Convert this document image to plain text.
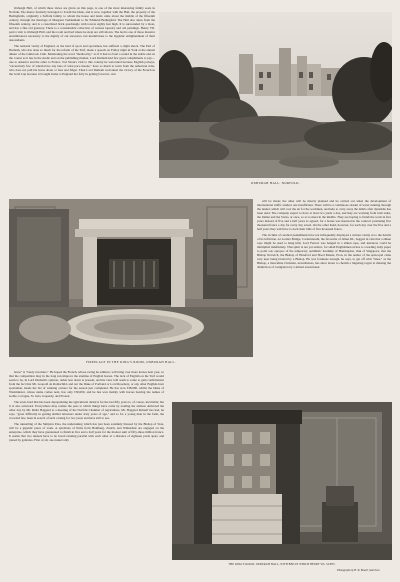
Oxburgh Hall, of which three views are given on this page, is one of the most interesting family seats in Norfolk. The manor formerly belonged to Tosdit the Dane, and is now, together with the Hall, the property of the Bedingfelds, originally a Suffolk family, to whom the house and lands came about the middle of the fifteenth century, through the marriage of Margaret Tuddenham to Sir Edmund Bedingfeld. The Hall also dates from the fifteenth century, and is a castellated brick quadrangle with towers eighty feet high. It is surrounded by a moat, and has a fine old gateway. There is a considerable collection of curious tapestry and old paintings. Henry VII. paid a visit to Oxburgh Hall, and the room and bed where he slept are still shown. The bed is one of those massive encumbrances necessary to the dignity of our ancestors, but insalubrious to the hygienic enlightenment of their descendants.

The national vanity of England, as the land of sport and sportsmen, has suffered a slight shock. The Earl of Durham, who has done so much for the reform of the Turf, made a speech on Friday night in York at the annual dinner of the Gimcrack Club. Mentioning the word "mediocrity," as if it had no fatal a sound in the stable and on the course as it has in the studio and on the publishing market, Lord Durham had few great compliments to pay—one to America and the other to France. Tod Sloan's visit to this country he welcomed because English jockeys, "excessively few of whom have any idea of what pace means," have so much to learn from the American rider, who does not pull his horse about or fuss and fidget. Then Lord Durham welcomed the victory of the French in the Gold Cup because it brought home to England her folly in getting forward—but

OXBURGH HALL, NORFOLK.
FIREPLACE IN THE KING'S ROOM, OXBURGH HALL.

will be made; the other will be merely planned and be carried out when the development of international traffic renders one insufficient. There will be a continuous stream of water running through the tunnel, which will cool the air for the workmen, and help to carry away the débris after dynamite has been used. The company expect to have at least two yards a day, and they are working from both sides, the Italian and the Swiss, at once, so as to meet in the middle. They are hoping to finish the work in five years instead of five and a half years as agreed, for a bonus was inserted in the contract promising five thousand francs a day for every day saved. On the other hand, however, for each day over the five and a half years they will have to dock their bills of five thousand francs.

The victims of cerebral punishment have not infrequently displayed a curious vanity as to the details of its infliction. At Louder Bridge, Cockermouth, the favourite of James III., begged in vain that a silken rope might be used to hang him; Lord Ferrers was hanged in a silken rope, and instances could be multiplied indefinitely. This spirit is not yet extinct, for small Englishmen writes to a leading daily paper to point out, apropos of the temporary optimistic hardship of Huntingdon, Oak of Singapore, that the Bishop Norwich, the Bishop of Hereford and Hood Master, Eton, in the author of the episcopal came very near being blotted by a Bishop. He was fortunate enough, he says, to get off with "lines," as the Bishop, a masculine Christian, nevertheless, has since about to cherish a lingering regret at missing the distinction of castigation by a mitred executioner.

horse" is "lately run mare." He hoped the French, whose racing he admires, will bring over more horses next year, so that the competition may in the long run improve the stamina of English horses. The lack of English on the Turf would seem to be, in Lord Durham's opinion, rather less down at present, and his view will seem to some to gain confirmation from the fact that Mr. Leopold de Rothschild, and not the Duke of Portland or Lord Rosebery, or any other English-born sportsman, heads the list of winning owners for the season just completed. He has won £38,000, whilst the Duke of Westminster, whose name comes next, has only £30,000, and he has won mainly with horses bearing the names of Galtie, Cologne, St. Gris, Jeopardy, and Frozen.

The town-bred that has been depopulating the agricultural districts for the last fifty years is, of course, inevitable; but it is also awkward. Everywhere may realize the pass to which things have come by reading the address delivered the other day by Mr. Rider Haggard at a meeting of the Norfolk Chamber of Agriculture. Mr. Haggard himself has had, he says, "great difficulty in getting skilled labourers under sixty years of age," and so for a young man in the farm, the crowded few, been in search of such a being for two years and have still to see.

The tunnelling of the Simplon Pass, the undertaking which has just been solemnly blessed by the Bishop of Sion, will be a gigantic piece of work. A syndicate of firms from Hamburg, Zurich, and Winterthur are engaged on the enterprise, which they have guaranteed to finish in five and a half years for the modest sum of fifty-three million francs. It seems that two tunnels have to be bored running parallel with each other at a distance of eighteen yards apart, and joined by galleries. First of all, one tunnel only

THE KING'S ROOM, OXBURGH HALL, WITH BED IN WHICH HENRY VII. SLEPT.
Photographs by H. W. Bowell, Saint Ives.
